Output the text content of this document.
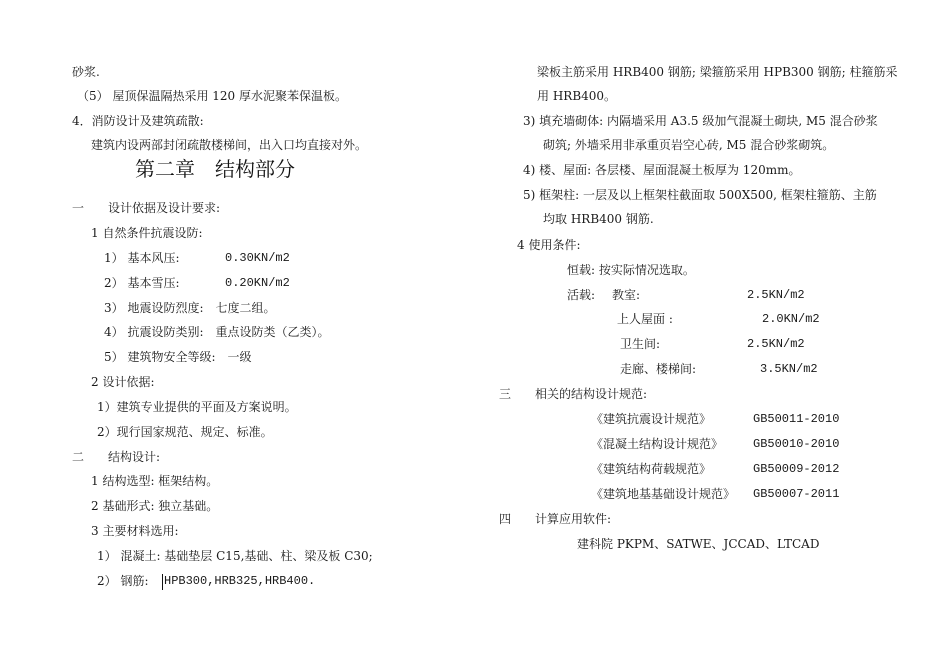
砂浆.
（5） 屋顶保温隔热采用 120 厚水泥聚苯保温板。
4．消防设计及建筑疏散:
建筑内设两部封闭疏散楼梯间，出入口均直接对外。
第二章　结构部分
一　　设计依据及设计要求:
1 自然条件抗震设防:
1） 基本风压:	0.30KN/m2
2） 基本雪压:	0.20KN/m2
3） 地震设防烈度:　七度二组。
4） 抗震设防类别:　重点设防类（乙类）。
5） 建筑物安全等级:　一级
2 设计依据:
1）建筑专业提供的平面及方案说明。
2）现行国家规范、规定、标准。
二　　结构设计:
1 结构选型: 框架结构。
2 基础形式: 独立基础。
3 主要材料选用:
1） 混凝土: 基础垫层 C15,基础、柱、梁及板 C30;
2） 钢筋: HPB300,HRB325,HRB400.
梁板主筋采用 HRB400 钢筋; 梁箍筋采用 HPB300 钢筋; 柱箍筋采
用 HRB400。
3) 填充墙砌体: 内隔墙采用 A3.5 级加气混凝土砌块, M5 混合砂浆
砌筑; 外墙采用非承重页岩空心砖, M5 混合砂浆砌筑。
4) 楼、屋面: 各层楼、屋面混凝土板厚为 120mm。
5) 框架柱: 一层及以上框架柱截面取 500X500, 框架柱箍筋、主筋
均取 HRB400 钢筋.
4 使用条件:
恒载: 按实际情况选取。
活载: 教室:	2.5KN/m2
上人屋面 :	2.0KN/m2
卫生间:	2.5KN/m2
走廊、楼梯间:	3.5KN/m2
三　　相关的结构设计规范:
《建筑抗震设计规范》	GB50011-2010
《混凝土结构设计规范》 GB50010-2010
《建筑结构荷载规范》	GB50009-2012
《建筑地基基础设计规范》 GB50007-2011
四　　计算应用软件:
建科院 PKPM、SATWE、JCCAD、LTCAD
